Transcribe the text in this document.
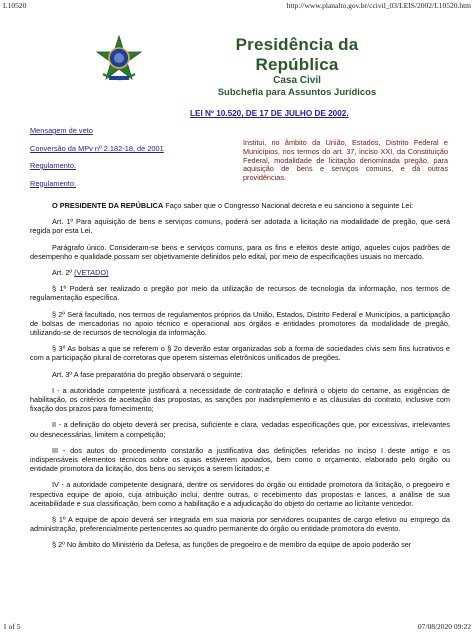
L10520	http://www.planalto.gov.br/ccivil_03/LEIS/2002/L10520.htm
Presidência da República
Casa Civil
Subchefia para Assuntos Jurídicos
LEI Nº 10.520, DE 17 DE JULHO DE 2002.
Mensagem de veto
Conversão da MPv nº 2.182-18, de 2001
Regulamento.
Regulamento.
Institui, no âmbito da União, Estados, Distrito Federal e Municípios, nos termos do art. 37, inciso XXI, da Constituição Federal, modalidade de licitação denominada pregão, para aquisição de bens e serviços comuns, e dá outras providências.

O PRESIDENTE DA REPÚBLICA Faço saber que o Congresso Nacional decreta e eu sanciono a seguinte Lei:

Art. 1º Para aquisição de bens e serviços comuns, poderá ser adotada a licitação na modalidade de pregão, que será regida por esta Lei.

Parágrafo único. Consideram-se bens e serviços comuns, para os fins e efeitos deste artigo, aqueles cujos padrões de desempenho e qualidade possam ser objetivamente definidos pelo edital, por meio de especificações usuais no mercado.

Art. 2º (VETADO)

§ 1º Poderá ser realizado o pregão por meio da utilização de recursos de tecnologia da informação, nos termos de regulamentação específica.

§ 2º Será facultado, nos termos de regulamentos próprios da União, Estados, Distrito Federal e Municípios, a participação de bolsas de mercadorias no apoio técnico e operacional aos órgãos e entidades promotores da modalidade de pregão, utilizando-se de recursos de tecnologia da informação.

§ 3º As bolsas a que se referem o § 2o deverão estar organizadas sob a forma de sociedades civis sem fins lucrativos e com a participação plural de corretoras que operem sistemas eletrônicos unificados de pregões.

Art. 3º A fase preparatória do pregão observará o seguinte:

I - a autoridade competente justificará a necessidade de contratação e definirá o objeto do certame, as exigências de habilitação, os critérios de aceitação das propostas, as sanções por inadimplemento e as cláusulas do contrato, inclusive com fixação dos prazos para fornecimento;

II - a definição do objeto deverá ser precisa, suficiente e clara, vedadas especificações que, por excessivas, irrelevantes ou desnecessárias, limitem a competição;

III - dos autos do procedimento constarão a justificativa das definições referidas no inciso I deste artigo e os indispensáveis elementos técnicos sobre os quais estiverem apoiados, bem como o orçamento, elaborado pelo órgão ou entidade promotora da licitação, dos bens ou serviços a serem licitados; e

IV - a autoridade competente designará, dentre os servidores do órgão ou entidade promotora da licitação, o pregoeiro e respectiva equipe de apoio, cuja atribuição inclui, dentre outras, o recebimento das propostas e lances, a análise de sua aceitabilidade e sua classificação, bem como a habilitação e a adjudicação do objeto do certame ao licitante vencedor.

§ 1º A equipe de apoio deverá ser integrada em sua maioria por servidores ocupantes de cargo efetivo ou emprego da administração, preferencialmente pertencentes ao quadro permanente do órgão ou entidade promotora do evento.

§ 2º No âmbito do Ministério da Defesa, as funções de pregoeiro e de membro da equipe de apoio poderão ser

1 of 5	07/08/2020 09:22
